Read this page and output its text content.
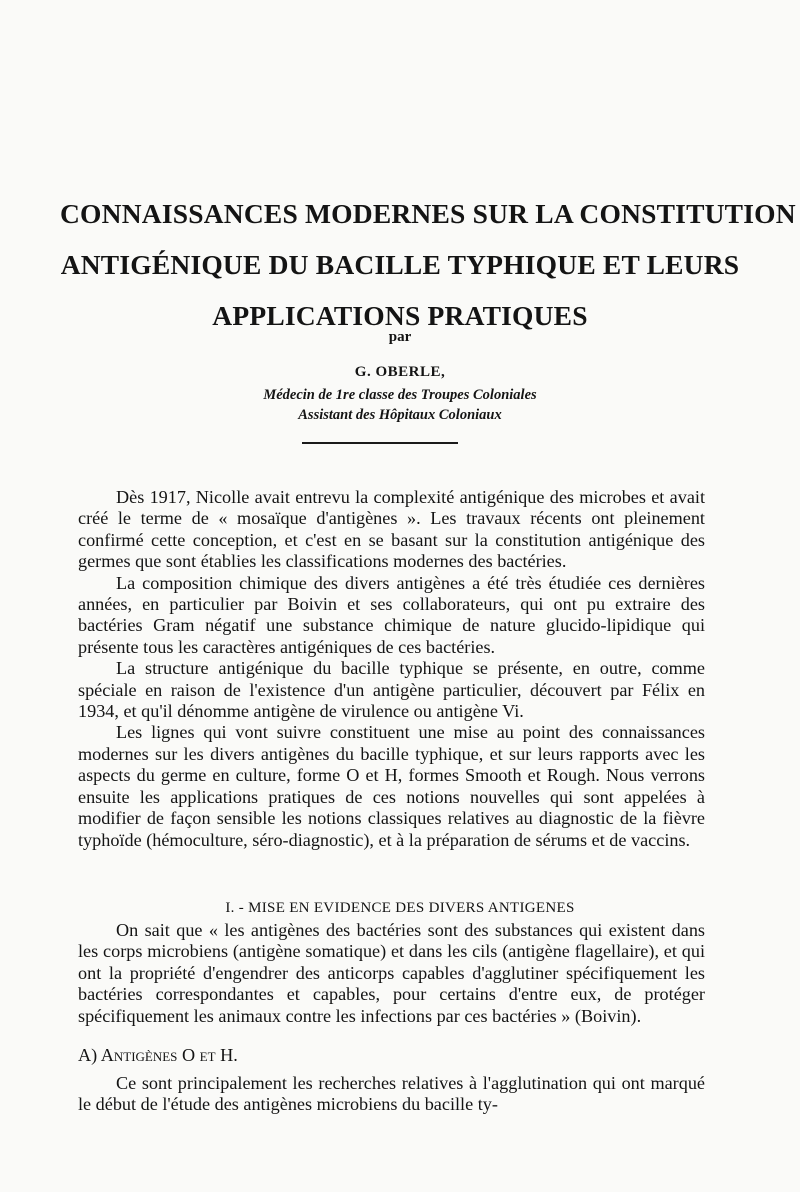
CONNAISSANCES MODERNES SUR LA CONSTITUTION
ANTIGÉNIQUE DU BACILLE TYPHIQUE ET LEURS
APPLICATIONS PRATIQUES
par
G. OBERLE,
Médecin de 1re classe des Troupes Coloniales
Assistant des Hôpitaux Coloniaux

Dès 1917, Nicolle avait entrevu la complexité antigénique des microbes et avait créé le terme de « mosaïque d'antigènes ». Les travaux récents ont pleinement confirmé cette conception, et c'est en se basant sur la constitution antigénique des germes que sont établies les classifications modernes des bactéries.

La composition chimique des divers antigènes a été très étudiée ces dernières années, en particulier par Boivin et ses collaborateurs, qui ont pu extraire des bactéries Gram négatif une substance chimique de nature glucido-lipidique qui présente tous les caractères antigéniques de ces bactéries.

La structure antigénique du bacille typhique se présente, en outre, comme spéciale en raison de l'existence d'un antigène particulier, découvert par Félix en 1934, et qu'il dénomme antigène de virulence ou antigène Vi.

Les lignes qui vont suivre constituent une mise au point des connaissances modernes sur les divers antigènes du bacille typhique, et sur leurs rapports avec les aspects du germe en culture, forme O et H, formes Smooth et Rough. Nous verrons ensuite les applications pratiques de ces notions nouvelles qui sont appelées à modifier de façon sensible les notions classiques relatives au diagnostic de la fièvre typhoïde (hémoculture, séro-diagnostic), et à la préparation de sérums et de vaccins.

I. - MISE EN EVIDENCE DES DIVERS ANTIGENES

On sait que « les antigènes des bactéries sont des substances qui existent dans les corps microbiens (antigène somatique) et dans les cils (antigène flagellaire), et qui ont la propriété d'engendrer des anticorps capables d'agglutiner spécifiquement les bactéries correspondantes et capables, pour certains d'entre eux, de protéger spécifiquement les animaux contre les infections par ces bactéries » (Boivin).

A) Antigènes O et H.

Ce sont principalement les recherches relatives à l'agglutination qui ont marqué le début de l'étude des antigènes microbiens du bacille ty-
